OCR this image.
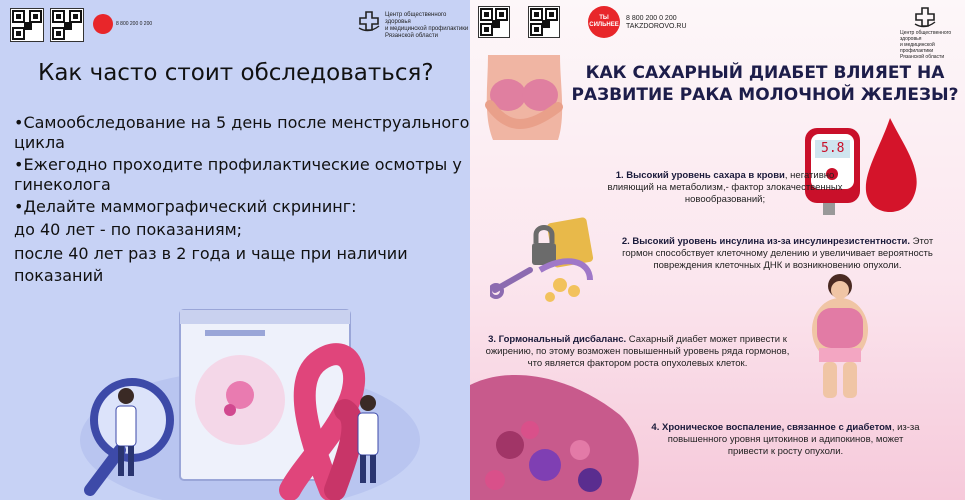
8 800 200 0 200
Центр общественного здоровья
и медицинской профилактики
Рязанской области
Как часто стоит обследоваться?
•Самообследование на 5 день после менструального
цикла
•Ежегодно проходите профилактические осмотры у
гинеколога
•Делайте маммографический скрининг:
до 40 лет - по показаниям;
после 40 лет раз в 2 года и чаще при наличии
показаний
ТЫ СИЛЬНЕЕ
8 800 200 0 200
TAKZDOROVO.RU
Центр общественного здоровья
и медицинской профилактики
Рязанской области
КАК САХАРНЫЙ ДИАБЕТ ВЛИЯЕТ НА
РАЗВИТИЕ РАКА МОЛОЧНОЙ ЖЕЛЕЗЫ?
5.8
1. Высокий уровень сахара в крови, негативно влияющий на метаболизм,- фактор злокачественных новообразований;
2. Высокий уровень инсулина из-за инсулинрезистентности. Этот гормон способствует клеточному делению и увеличивает вероятность повреждения клеточных ДНК и возникновению опухоли.
3. Гормональный дисбаланс. Сахарный диабет может привести к ожирению, по этому возможен повышенный уровень ряда гормонов, что является фактором роста опухолевых клеток.
4. Хроническое воспаление, связанное с диабетом, из-за повышенного уровня цитокинов и адипокинов, может привести к росту опухоли.
